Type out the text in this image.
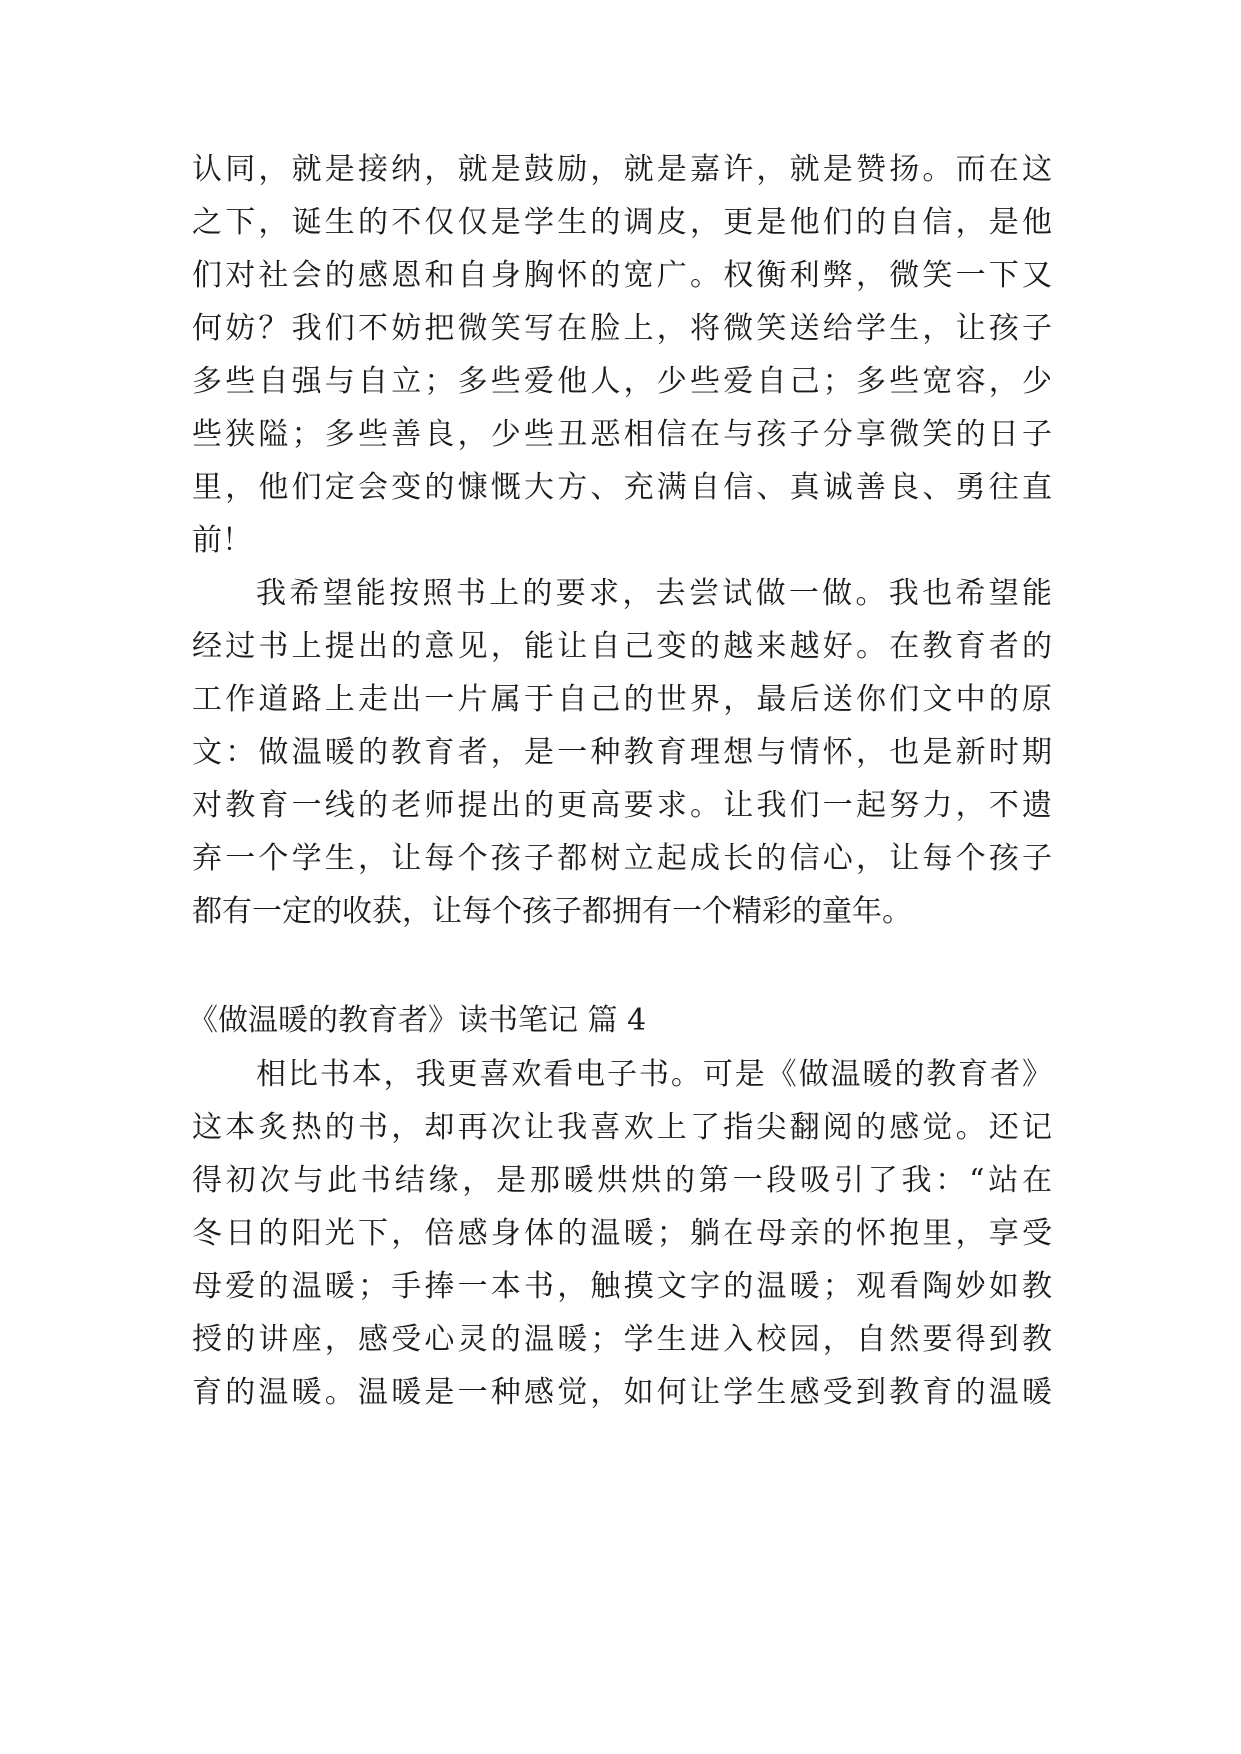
认同，就是接纳，就是鼓励，就是嘉许，就是赞扬。而在这
之下，诞生的不仅仅是学生的调皮，更是他们的自信，是他
们对社会的感恩和自身胸怀的宽广。权衡利弊，微笑一下又
何妨？我们不妨把微笑写在脸上，将微笑送给学生，让孩子
多些自强与自立；多些爱他人，少些爱自己；多些宽容，少
些狭隘；多些善良，少些丑恶相信在与孩子分享微笑的日子
里，他们定会变的慷慨大方、充满自信、真诚善良、勇往直
前！
我希望能按照书上的要求，去尝试做一做。我也希望能
经过书上提出的意见，能让自己变的越来越好。在教育者的
工作道路上走出一片属于自己的世界，最后送你们文中的原
文：做温暖的教育者，是一种教育理想与情怀，也是新时期
对教育一线的老师提出的更高要求。让我们一起努力，不遗
弃一个学生，让每个孩子都树立起成长的信心，让每个孩子
都有一定的收获，让每个孩子都拥有一个精彩的童年。
《做温暖的教育者》读书笔记 篇 4
相比书本，我更喜欢看电子书。可是《做温暖的教育者》
这本炙热的书，却再次让我喜欢上了指尖翻阅的感觉。还记
得初次与此书结缘，是那暖烘烘的第一段吸引了我：“站在
冬日的阳光下，倍感身体的温暖；躺在母亲的怀抱里，享受
母爱的温暖；手捧一本书，触摸文字的温暖；观看陶妙如教
授的讲座，感受心灵的温暖；学生进入校园，自然要得到教
育的温暖。温暖是一种感觉，如何让学生感受到教育的温暖
